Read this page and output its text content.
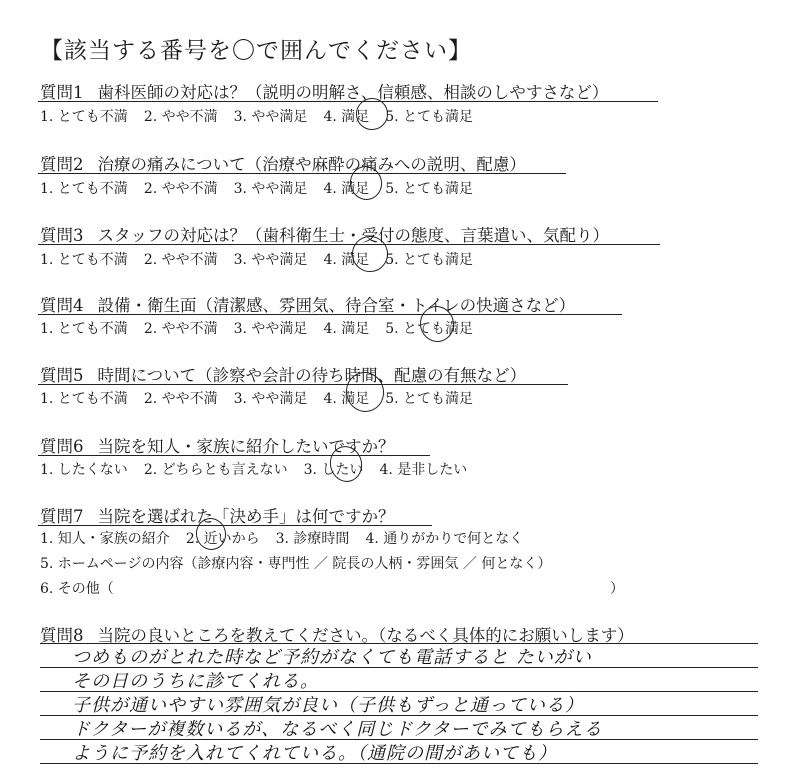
【該当する番号を〇で囲んでください】
質問1 歯科医師の対応は？（説明の明解さ、信頼感、相談のしやすさなど）
1. とても不満 2. やや不満 3. やや満足 4. 満足 5. とても満足
質問2 治療の痛みについて（治療や麻酔の痛みへの説明、配慮）
1. とても不満 2. やや不満 3. やや満足 4. 満足 5. とても満足
質問3 スタッフの対応は？（歯科衛生士・受付の態度、言葉遣い、気配り）
1. とても不満 2. やや不満 3. やや満足 4. 満足 5. とても満足
質問4 設備・衛生面（清潔感、雰囲気、待合室・トイレの快適さなど）
1. とても不満 2. やや不満 3. やや満足 4. 満足 5. とても満足
質問5 時間について（診察や会計の待ち時間、配慮の有無など）
1. とても不満 2. やや不満 3. やや満足 4. 満足 5. とても満足
質問6 当院を知人・家族に紹介したいですか？
1. したくない 2. どちらとも言えない 3. したい 4. 是非したい
質問7 当院を選ばれた「決め手」は何ですか？
1. 知人・家族の紹介 2. 近いから 3. 診療時間 4. 通りがかりで何となく
5. ホームページの内容（診療内容・専門性 ／ 院長の人柄・雰囲気 ／ 何となく）
6. その他（	）
質問8 当院の良いところを教えてください。（なるべく具体的にお願いします）
つめものがとれた時など予約がなくても電話すると たいがい
その日のうちに診てくれる。
子供が通いやすい雰囲気が良い（子供もずっと通っている）
ドクターが複数いるが、なるべく同じドクターでみてもらえる
ように予約を入れてくれている。（通院の間があいても）
